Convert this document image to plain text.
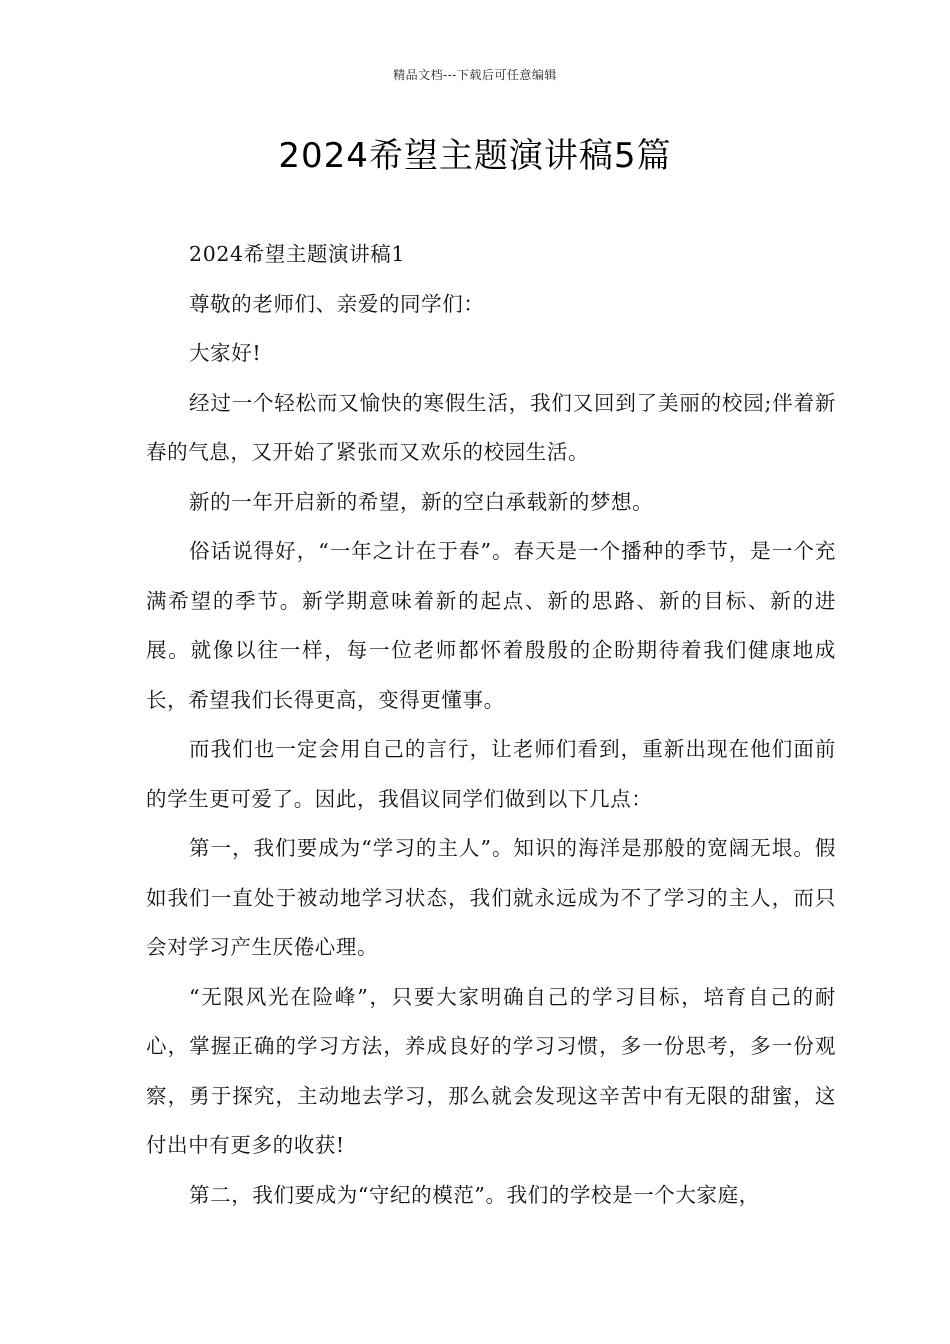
精品文档---下载后可任意编辑
2024希望主题演讲稿5篇

2024希望主题演讲稿1

尊敬的老师们、亲爱的同学们：

大家好!

经过一个轻松而又愉快的寒假生活，我们又回到了美丽的校园;伴着新春的气息，又开始了紧张而又欢乐的校园生活。

新的一年开启新的希望，新的空白承载新的梦想。

俗话说得好，“一年之计在于春”。春天是一个播种的季节，是一个充满希望的季节。新学期意味着新的起点、新的思路、新的目标、新的进展。就像以往一样，每一位老师都怀着殷殷的企盼期待着我们健康地成长，希望我们长得更高，变得更懂事。

而我们也一定会用自己的言行，让老师们看到，重新出现在他们面前的学生更可爱了。因此，我倡议同学们做到以下几点：

第一，我们要成为“学习的主人”。知识的海洋是那般的宽阔无垠。假如我们一直处于被动地学习状态，我们就永远成为不了学习的主人，而只会对学习产生厌倦心理。

“无限风光在险峰”，只要大家明确自己的学习目标，培育自己的耐心，掌握正确的学习方法，养成良好的学习习惯，多一份思考，多一份观察，勇于探究，主动地去学习，那么就会发现这辛苦中有无限的甜蜜，这付出中有更多的收获!

第二，我们要成为“守纪的模范”。我们的学校是一个大家庭，
